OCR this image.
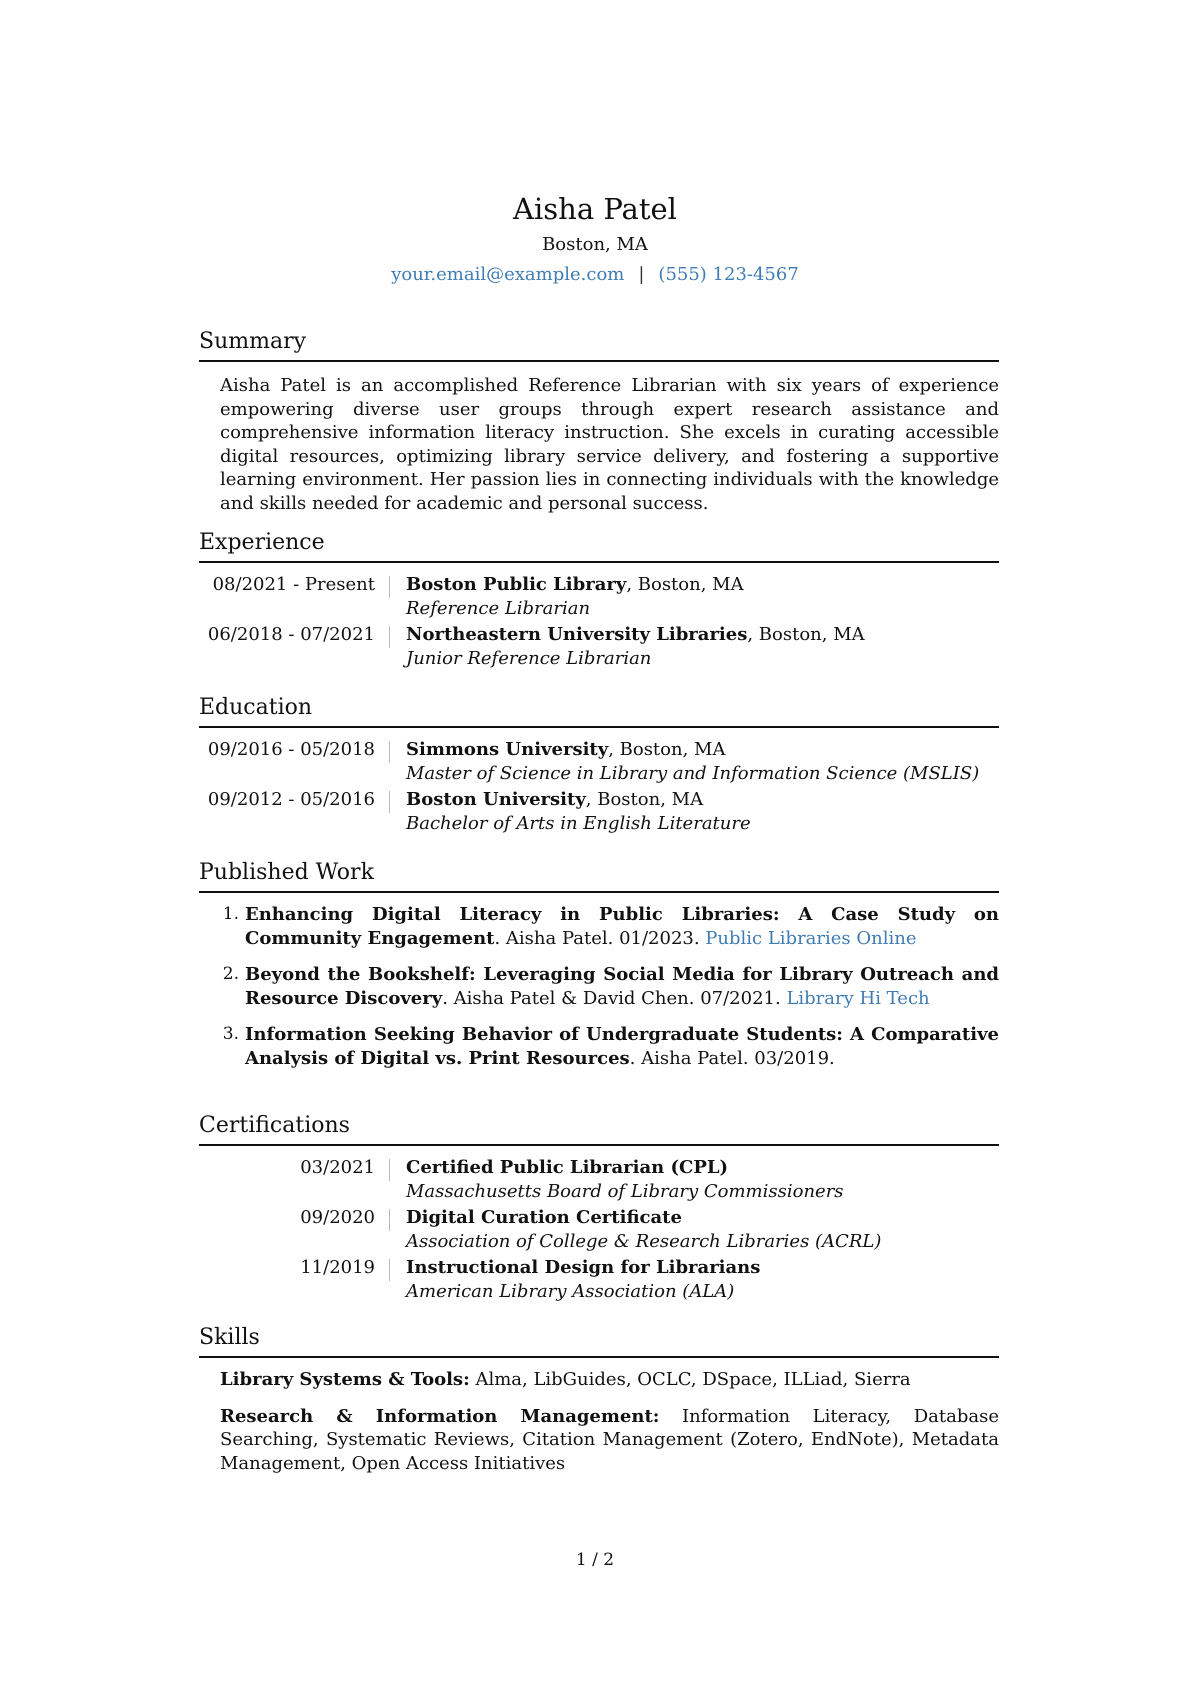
Aisha Patel
Boston, MA
your.email@example.com | (555) 123-4567
Summary
Aisha Patel is an accomplished Reference Librarian with six years of experience empowering diverse user groups through expert research assistance and comprehensive information literacy instruction. She excels in curating accessible digital resources, optimizing library service delivery, and fostering a supportive learning environment. Her passion lies in connecting individuals with the knowledge and skills needed for academic and personal success.
Experience
08/2021 - Present	Boston Public Library, Boston, MA
Reference Librarian
06/2018 - 07/2021	Northeastern University Libraries, Boston, MA
Junior Reference Librarian
Education
09/2016 - 05/2018	Simmons University, Boston, MA
Master of Science in Library and Information Science (MSLIS)
09/2012 - 05/2016	Boston University, Boston, MA
Bachelor of Arts in English Literature
Published Work
1. Enhancing Digital Literacy in Public Libraries: A Case Study on Community Engagement. Aisha Patel. 01/2023. Public Libraries Online
2. Beyond the Bookshelf: Leveraging Social Media for Library Outreach and Resource Discovery. Aisha Patel & David Chen. 07/2021. Library Hi Tech
3. Information Seeking Behavior of Undergraduate Students: A Comparative Analysis of Digital vs. Print Resources. Aisha Patel. 03/2019.
Certifications
03/2021	Certified Public Librarian (CPL)
Massachusetts Board of Library Commissioners
09/2020	Digital Curation Certificate
Association of College & Research Libraries (ACRL)
11/2019	Instructional Design for Librarians
American Library Association (ALA)
Skills
Library Systems & Tools: Alma, LibGuides, OCLC, DSpace, ILLiad, Sierra
Research & Information Management: Information Literacy, Database Searching, Systematic Reviews, Citation Management (Zotero, EndNote), Metadata Management, Open Access Initiatives
1 / 2
